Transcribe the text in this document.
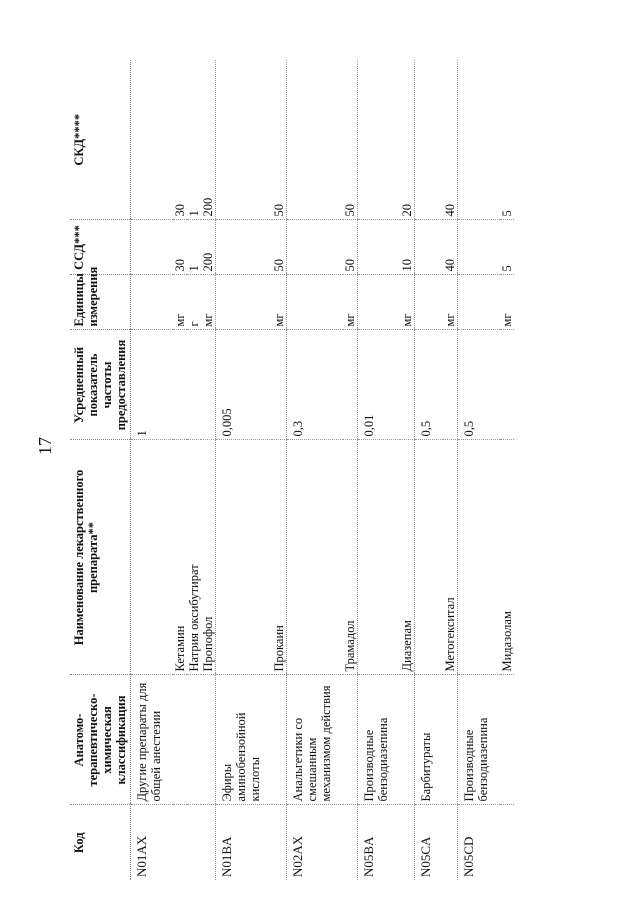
17
Код	Анатомо-терапевтическо-химическая классификация	Наименование лекарственного препарата**	Усредненный показатель частоты предоставления	Единицы измерения	ССД***	СКД****
N01AX	Другие препараты для общей анестезии		1			
		Кетамин		мг	30	30
		Натрия оксибутират		г	1	1
		Пропофол		мг	200	200
N01BA	Эфиры аминобензойной кислоты		0,005			
		Прокаин		мг	50	50
N02AX	Анальгетики со смешанным механизмом действия		0,3			
		Трамадол		мг	50	50
N05BA	Производные бензодиазепина		0,01			
		Диазепам		мг	10	20
N05CA	Барбитураты		0,5			
		Метогекситал		мг	40	40
N05CD	Производные бензодиазепина		0,5			
		Мидазолам		мг	5	5
